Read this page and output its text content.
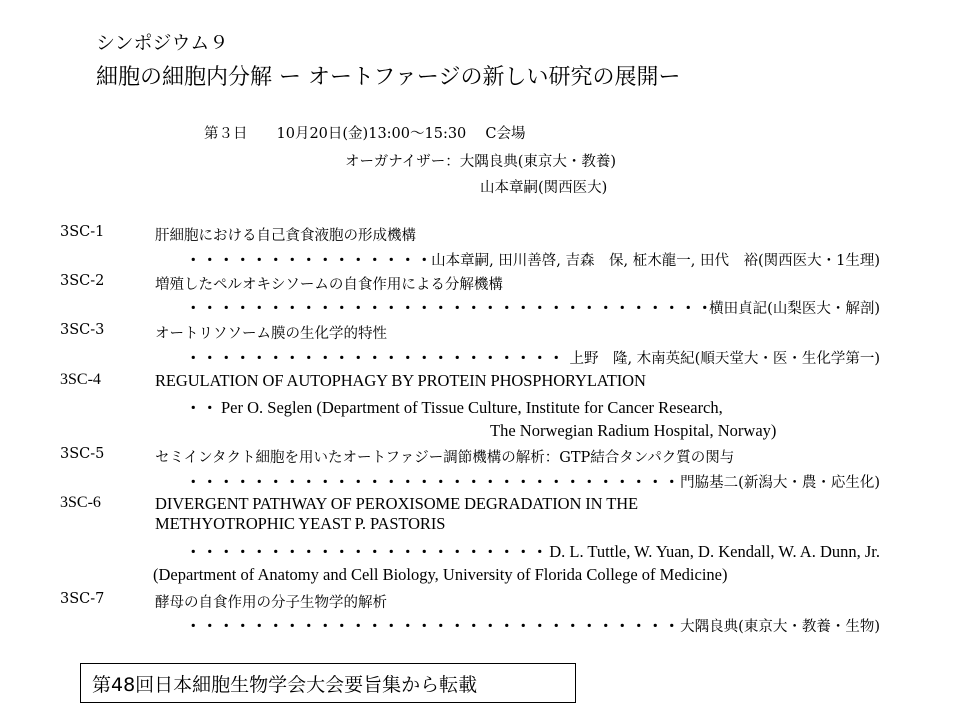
シンポジウム９
細胞の細胞内分解 ー オートファージの新しい研究の展開ー
第３日　　10月20日(金)13:00～15:30　 C会場
オーガナイザー：大隅良典(東京大・教養)
山本章嗣(関西医大)
3SC-1	肝細胞における自己貪食液胞の形成機構
・・・・・・・・・・・・・・・・・・・・・・・・・・・・・・・・・・・・・・・・・・・・・・・・・・・・・・・・・・・・・・・・・・・・・・・・・・・・・・
山本章嗣, 田川善啓, 吉森　保, 柾木龍一, 田代　裕(関西医大・1生理)
3SC-2	増殖したペルオキシソームの自食作用による分解機構
・・・・・・・・・・・・・・・・・・・・・・・・・・・・・・・・・・・・・・・・・・・・・・・・・・・・・・・・・・・・・・・・・・・・・・・・・・・・・・
横田貞記(山梨医大・解剖)
3SC-3	オートリソソーム膜の生化学的特性
・・・・・・・・・・・・・・・・・・・・・・・・・・・・・・・・・・・・・・・・・・・・・・・・・・・・・・・・・・・・・・・・・・・・・・・・・・・・・・
上野　隆, 木南英紀(順天堂大・医・生化学第一)
3SC-4	REGULATION OF AUTOPHAGY BY PROTEIN PHOSPHORYLATION
・・
Per O. Seglen (Department of Tissue Culture, Institute for Cancer Research,
The Norwegian Radium Hospital, Norway)
3SC-5	セミインタクト細胞を用いたオートファジー調節機構の解析：GTP結合タンパク質の関与
・・・・・・・・・・・・・・・・・・・・・・・・・・・・・・・・・・・・・・・・・・・・・・・・・・・・・・・・・・・・・・・・・・・・・・・・・・・・・・
門脇基二(新潟大・農・応生化)
3SC-6	DIVERGENT PATHWAY OF PEROXISOME DEGRADATION IN THE
METHYOTROPHIC YEAST P. PASTORIS
・・・・・・・・・・・・・・・・・・・・・・・・・・・・・・・・・・・・・・・・・・・・・・・・・・・・・・・・・・・・・・・・・・・・・・・・・・・・・・
D. L. Tuttle, W. Yuan, D. Kendall, W. A. Dunn, Jr.
(Department of Anatomy and Cell Biology, University of Florida College of Medicine)
3SC-7	酵母の自食作用の分子生物学的解析
・・・・・・・・・・・・・・・・・・・・・・・・・・・・・・・・・・・・・・・・・・・・・・・・・・・・・・・・・・・・・・・・・・・・・・・・・・・・・・
大隅良典(東京大・教養・生物)
第48回日本細胞生物学会大会要旨集から転載
